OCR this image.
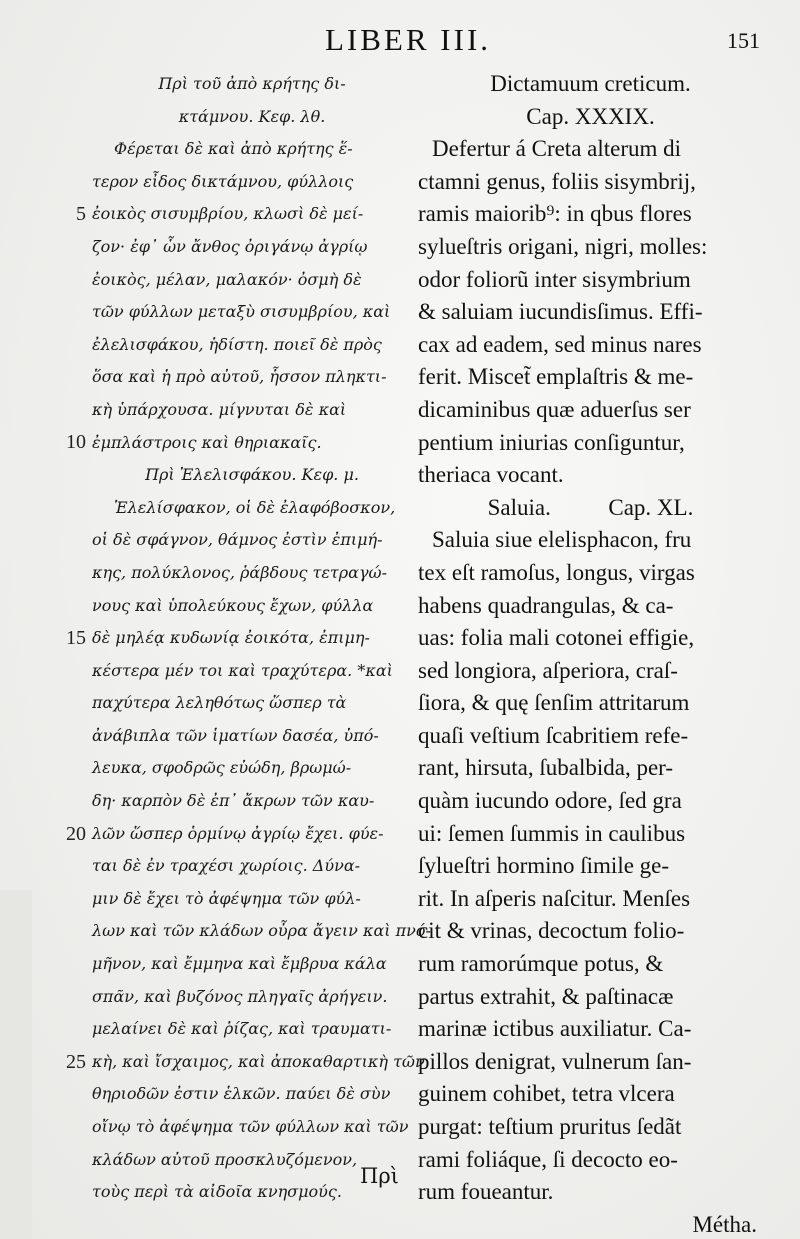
LIBER III.	151
5
10
15
20
25
Πρὶ τοῦ ἀπὸ κρήτης δι-
κτάμνου. Κεφ. λθ.
Φέρεται δὲ καὶ ἀπὸ κρήτης ἕ-
τερον εἶδος δικτάμνου, φύλλοις
ἐοικὸς σισυμβρίου, κλωσὶ δὲ μεί-
ζον· ἐφ᾽ ὧν ἄνθος ὀριγάνῳ ἀγρίῳ
ἐοικὸς, μέλαν, μαλακόν· ὀσμὴ δὲ
τῶν φύλλων μεταξὺ σισυμβρίου, καὶ
ἐλελισφάκου, ἡδίστη. ποιεῖ δὲ πρὸς
ὅσα καὶ ἡ πρὸ αὐτοῦ, ἧσσον πληκτι-
κὴ ὑπάρχουσα. μίγνυται δὲ καὶ
ἐμπλάστροις καὶ θηριακαῖς.
Πρὶ Ἐλελισφάκου. Κεφ. μ.
Ἐλελίσφακον, οἱ δὲ ἐλαφόβοσκον,
οἱ δὲ σφάγνον, θάμνος ἐστὶν ἐπιμή-
κης, πολύκλονος, ῥάβδους τετραγώ-
νους καὶ ὑπολεύκους ἔχων, φύλλα
δὲ μηλέᾳ κυδωνίᾳ ἐοικότα, ἐπιμη-
κέστερα μέν τοι καὶ τραχύτερα. *καὶ
παχύτερα λεληθότως ὥσπερ τὰ
ἀνάβιπλα τῶν ἱματίων δασέα, ὑπό-
λευκα, σφοδρῶς εὐώδη, βρωμώ-
δη· καρπὸν δὲ ἐπ᾽ ἄκρων τῶν καυ-
λῶν ὥσπερ ὁρμίνῳ ἀγρίῳ ἔχει. φύε-
ται δὲ ἐν τραχέσι χωρίοις. Δύνα-
μιν δὲ ἔχει τὸ ἀφέψημα τῶν φύλ-
λων καὶ τῶν κλάδων οὖρα ἄγειν καὶ πνό-
μῆνον, καὶ ἔμμηνα καὶ ἔμβρυα κάλα
σπᾶν, καὶ βυζόνος πληγαῖς ἀρήγειν.
μελαίνει δὲ καὶ ῥίζας, καὶ τραυματι-
κὴ, καὶ ἴσχαιμος, καὶ ἀποκαθαρτικὴ τῶν
θηριοδῶν ἐστιν ἑλκῶν. παύει δὲ σὺν
οἴνῳ τὸ ἀφέψημα τῶν φύλλων καὶ τῶν
κλάδων αὐτοῦ προσκλυζόμενον,
τοὺς περὶ τὰ αἰδοῖα κνησμούς.
Dictamuum creticum.
Cap. XXXIX.
Defertur á Creta alterum di
ctamni genus, foliis sisymbrij,
ramis maiorib⁹: in qbus flores
sylueſtris origani, nigri, molles:
odor foliorũ inter sisymbrium
& saluiam iucundisſimus. Effi-
cax ad eadem, sed minus nares
ferit. Miscet̃ emplaſtris & me-
dicaminibus quæ aduerſus ser
pentium iniurias conſiguntur,
theriaca vocant.
Saluia.          Cap. XL.
Saluia siue elelisphacon, fru
tex eſt ramoſus, longus, virgas
habens quadrangulas, & ca-
uas: folia mali cotonei effigie,
sed longiora, aſperiora, craſ-
ſiora, & quę ſenſim attritarum
quaſi veſtium ſcabritiem refe-
rant, hirsuta, ſubalbida, per-
quàm iucundo odore, ſed gra
ui: ſemen ſummis in caulibus
ſylueſtri hormino ſimile ge-
rit. In aſperis naſcitur. Menſes
cit & vrinas, decoctum folio-
rum ramorúmque potus, &
partus extrahit, & paſtinacæ
marinæ ictibus auxiliatur. Ca-
pillos denigrat, vulnerum ſan-
guinem cohibet, tetra vlcera
purgat: teſtium pruritus ſedãt
rami foliáque, ſi decocto eo-
rum foueantur.
Métha.
Πρὶ
